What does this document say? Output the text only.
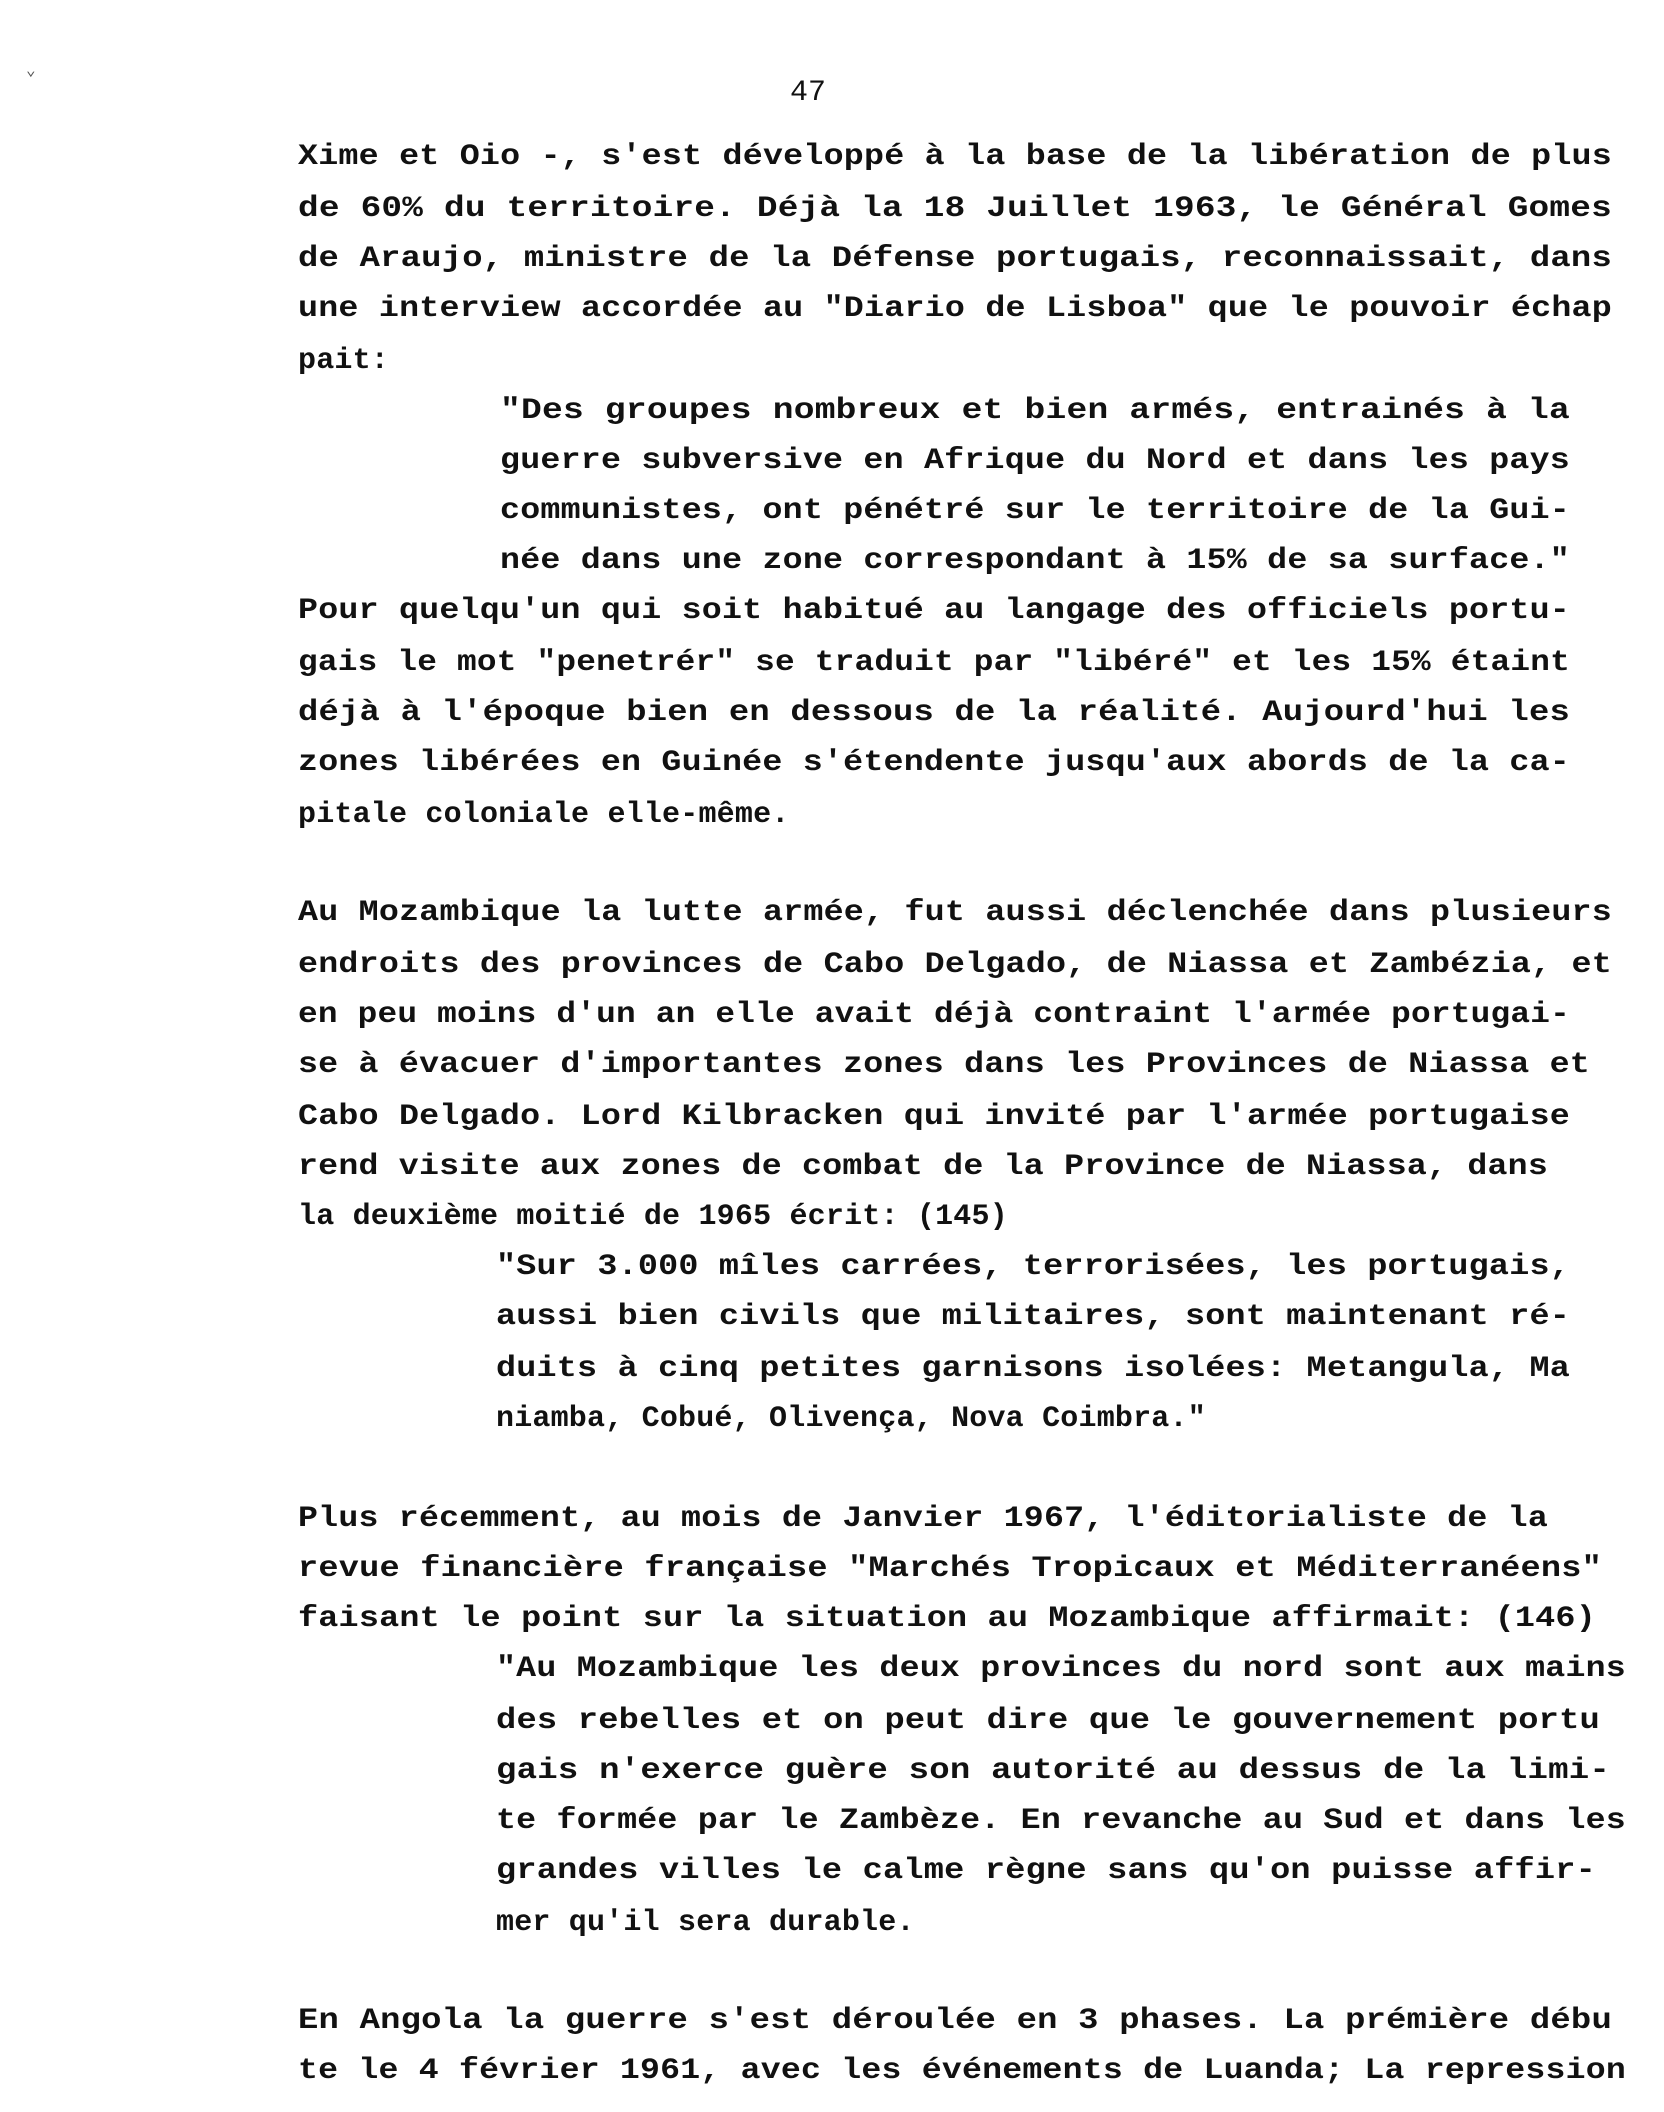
47
⌄
Xime et Oio -, s'est développé à la base de la libération de plus
de 60% du territoire. Déjà la 18 Juillet 1963, le Général Gomes
de Araujo, ministre de la Défense portugais, reconnaissait, dans
une interview accordée au "Diario de Lisboa" que le pouvoir échap
pait:
"Des groupes nombreux et bien armés, entrainés à la
guerre subversive en Afrique du Nord et dans les pays
communistes, ont pénétré sur le territoire de la Gui-
née dans une zone correspondant à 15% de sa surface."
Pour quelqu'un qui soit habitué au langage des officiels portu-
gais le mot "penetrér" se traduit par "libéré" et les 15% étaint
déjà à l'époque bien en dessous de la réalité. Aujourd'hui les
zones libérées en Guinée s'étendente jusqu'aux abords de la ca-
pitale coloniale elle-même.
Au Mozambique la lutte armée, fut aussi déclenchée dans plusieurs
endroits des provinces de Cabo Delgado, de Niassa et Zambézia, et
en peu moins d'un an elle avait déjà contraint l'armée portugai-
se à évacuer d'importantes zones dans les Provinces de Niassa et
Cabo Delgado. Lord Kilbracken qui invité par l'armée portugaise
rend visite aux zones de combat de la Province de Niassa, dans
la deuxième moitié de 1965 écrit: (145)
"Sur 3.000 mîles carrées, terrorisées, les portugais,
aussi bien civils que militaires, sont maintenant ré-
duits à cinq petites garnisons isolées: Metangula, Ma
niamba, Cobué, Olivença, Nova Coimbra."
Plus récemment, au mois de Janvier 1967, l'éditorialiste de la
revue financière française "Marchés Tropicaux et Méditerranéens"
faisant le point sur la situation au Mozambique affirmait: (146)
"Au Mozambique les deux provinces du nord sont aux mains
des rebelles et on peut dire que le gouvernement portu
gais n'exerce guère son autorité au dessus de la limi-
te formée par le Zambèze. En revanche au Sud et dans les
grandes villes le calme règne sans qu'on puisse affir-
mer qu'il sera durable.
En Angola la guerre s'est déroulée en 3 phases. La prémière débu
te le 4 février 1961, avec les événements de Luanda; La repression
